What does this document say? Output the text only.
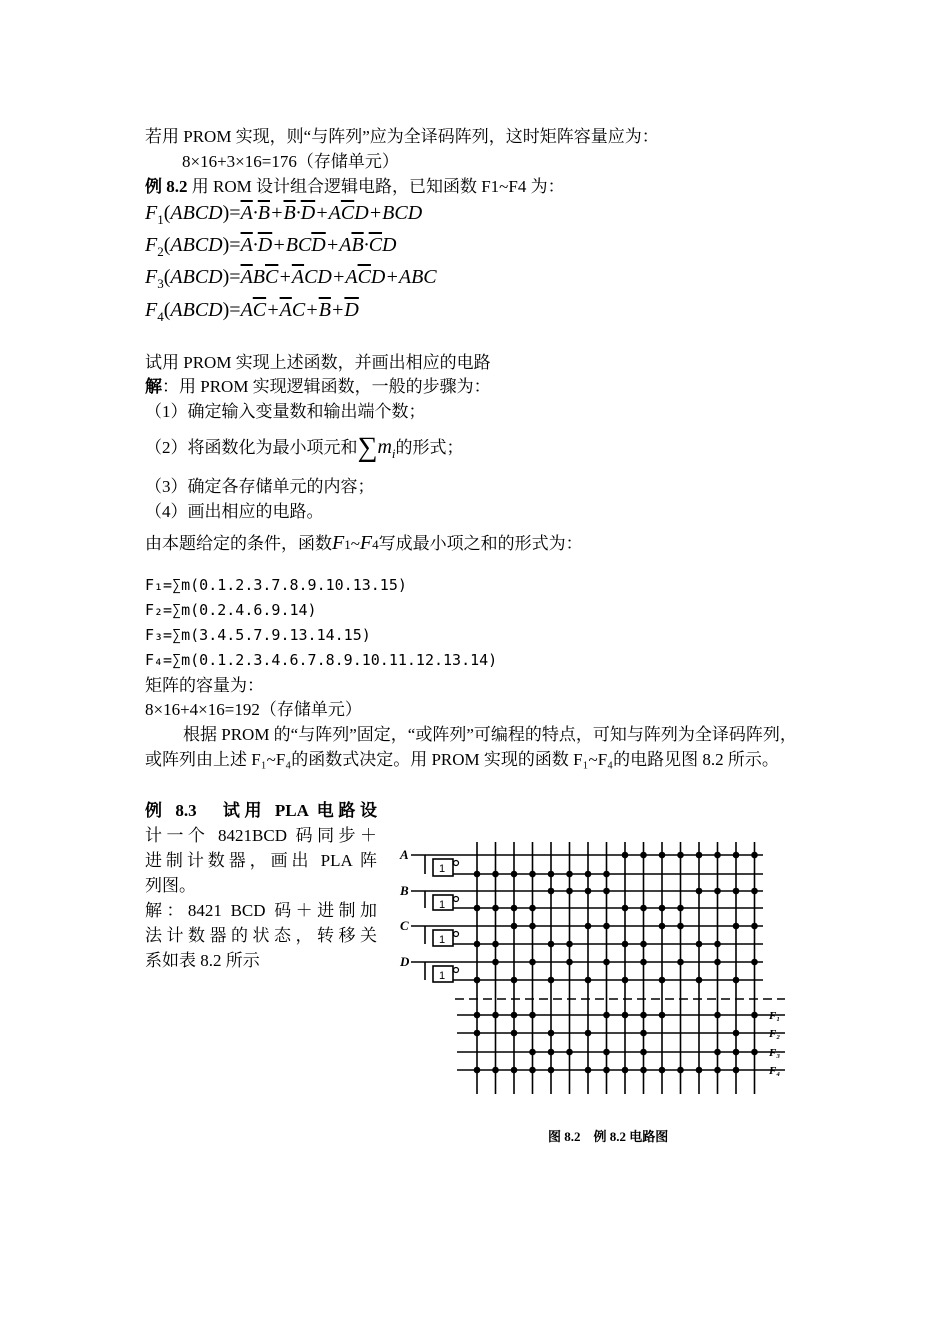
若用 PROM 实现，则“与阵列”应为全译码阵列，这时矩阵容量应为：
8×16+3×16=176（存储单元）
例 8.2 用 ROM 设计组合逻辑电路，已知函数 F1~F4 为：
$F_1(ABCD)=\overline{A}\cdot\overline{B}+\overline{B}\cdot\overline{D}+A\overline{C}D+BCD$
$F_2(ABCD)=\overline{A}\cdot\overline{D}+BC\overline{D}+A\overline{B}\cdot\overline{C}D$
$F_3(ABCD)=\overline{A}B\overline{C}+\overline{A}CD+A\overline{C}D+ABC$
$F_4(ABCD)=A\overline{C}+\overline{A}C+\overline{B}+\overline{D}$
试用 PROM 实现上述函数，并画出相应的电路
解：用 PROM 实现逻辑函数，一般的步骤为：
（1）确定输入变量数和输出端个数；
（2）将函数化为最小项元和$\sum m_i$的形式；
（3）确定各存储单元的内容；
（4）画出相应的电路。
由本题给定的条件，函数F1~F4写成最小项之和的形式为：
F₁=∑m(0.1.2.3.7.8.9.10.13.15)
F₂=∑m(0.2.4.6.9.14)
F₃=∑m(3.4.5.7.9.13.14.15)
F₄=∑m(0.1.2.3.4.6.7.8.9.10.11.12.13.14)
矩阵的容量为：
8×16+4×16=192（存储单元）
根据 PROM 的“与阵列”固定，“或阵列”可编程的特点，可知与阵列为全译码阵列，或阵列由上述 F₁~F₄的函数式决定。用 PROM 实现的函数 F₁~F₄的电路见图 8.2 所示。
例 8.3　试用 PLA 电路设
计一个 8421BCD 码同步＋
进制计数器，画出 PLA 阵
列图。
解：8421 BCD 码＋进制加
法计数器的状态，转移关
系如表 8.2 所示
A
1
B
1
C
1
D
1
F₁
F₂
F₃
F₄
图 8.2　例 8.2 电路图
